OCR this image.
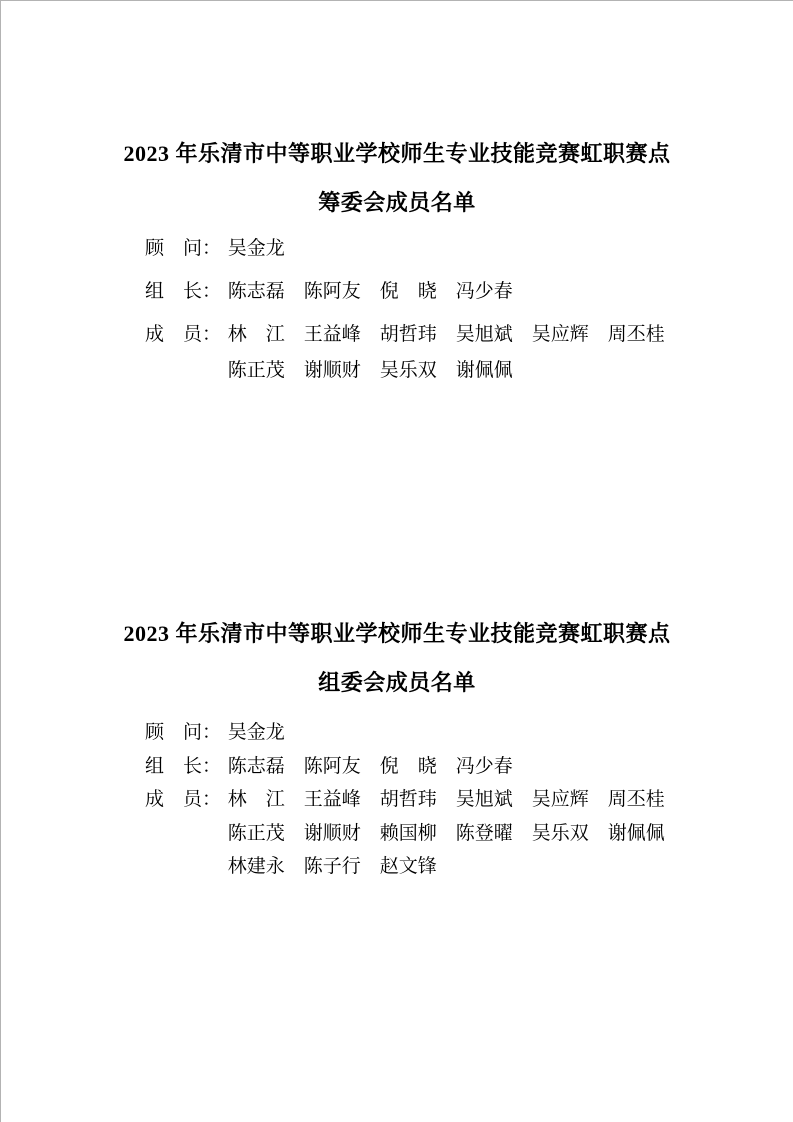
2023 年乐清市中等职业学校师生专业技能竞赛虹职赛点
筹委会成员名单
顾　问： 吴金龙
组　长： 陈志磊　陈阿友　倪　晓　冯少春
成　员： 林　江　王益峰　胡哲玮　吴旭斌　吴应辉　周丕桂
陈正茂　谢顺财　吴乐双　谢佩佩
2023 年乐清市中等职业学校师生专业技能竞赛虹职赛点
组委会成员名单
顾　问： 吴金龙
组　长： 陈志磊　陈阿友　倪　晓　冯少春
成　员： 林　江　王益峰　胡哲玮　吴旭斌　吴应辉　周丕桂
陈正茂　谢顺财　赖国柳　陈登曜　吴乐双　谢佩佩
林建永　陈子行　赵文锋
